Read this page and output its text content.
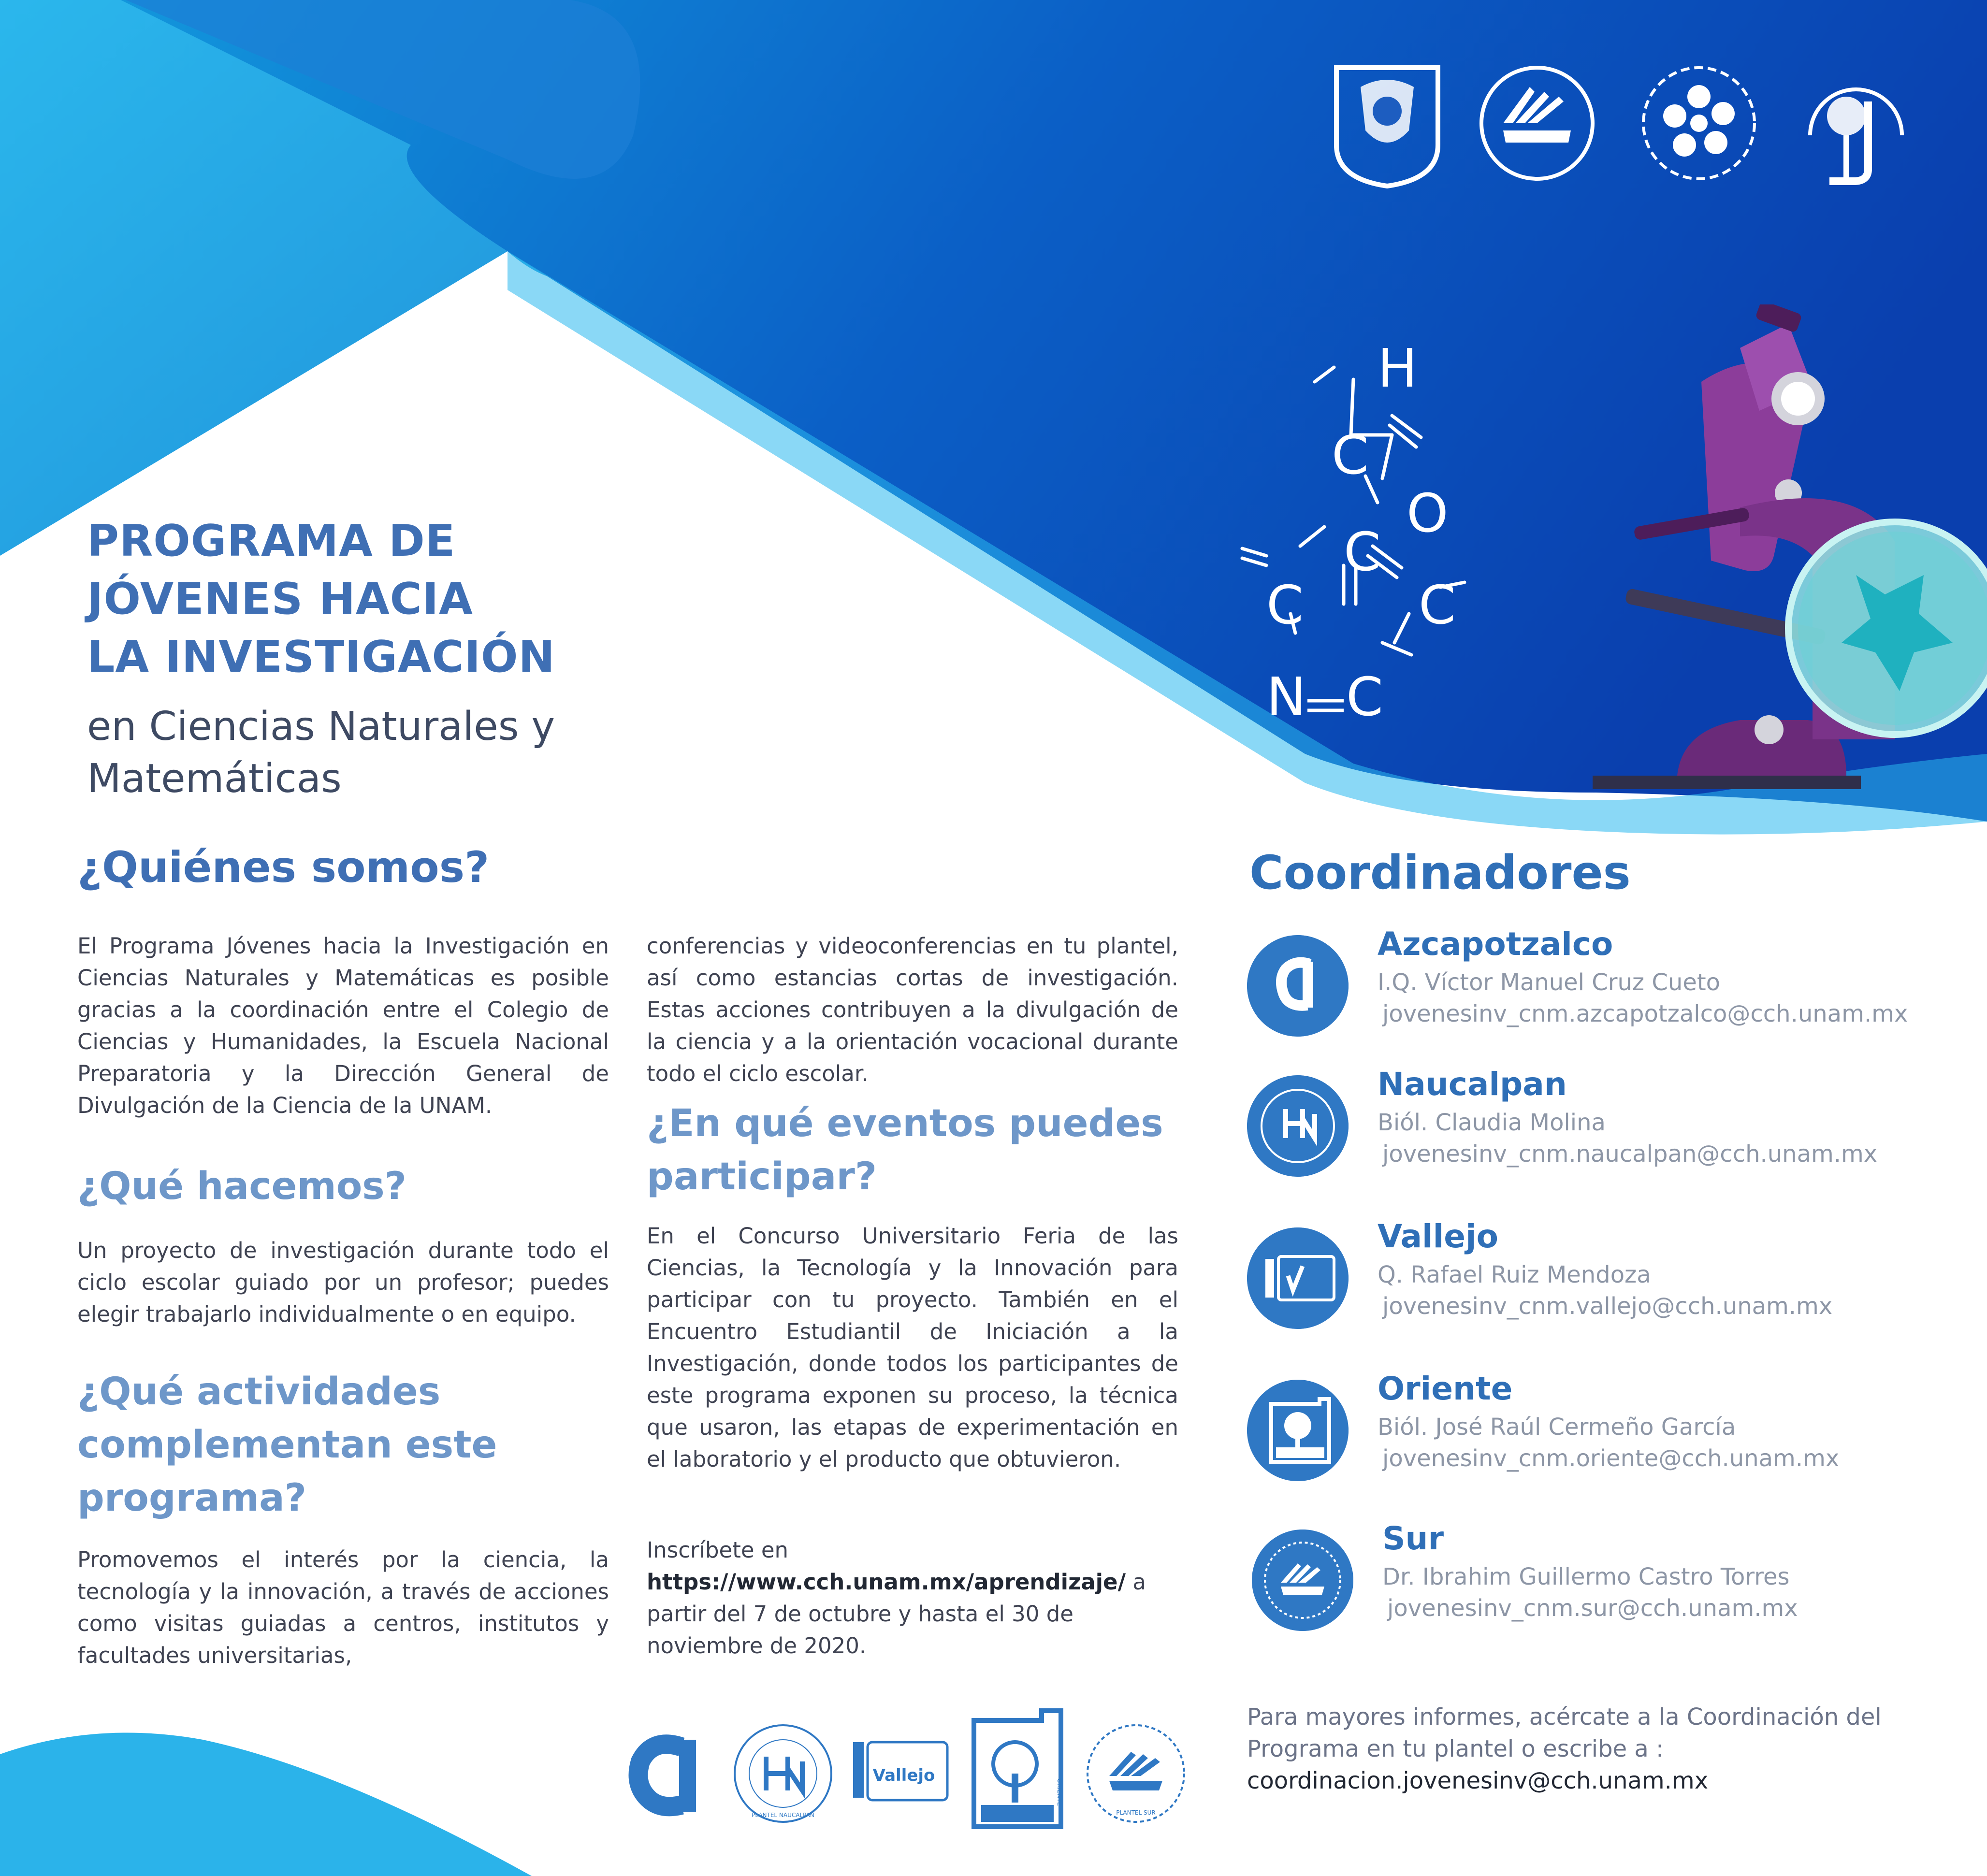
H
C
O
C
C C
N C
PROGRAMA DE
JÓVENES HACIA
LA INVESTIGACIÓN
en Ciencias Naturales y Matemáticas
¿Quiénes somos?
El Programa Jóvenes hacia la Investigación en Ciencias Naturales y Matemáticas es posible gracias a la coordinación entre el Colegio de Ciencias y Humanidades, la Escuela Nacional Preparatoria y la Dirección General de Divulgación de la Ciencia de la UNAM.
¿Qué hacemos?
Un proyecto de investigación durante todo el ciclo escolar guiado por un profesor; puedes elegir trabajarlo individualmente o en equipo.
¿Qué actividades complementan este programa?
Promovemos el interés por la ciencia, la tecnología y la innovación, a través de acciones como visitas guiadas a centros, institutos y facultades universitarias,
conferencias y videoconferencias en tu plantel, así como estancias cortas de investigación. Estas acciones contribuyen a la divulgación de la ciencia y a la orientación vocacional durante todo el ciclo escolar.
¿En qué eventos puedes participar?
En el Concurso Universitario Feria de las Ciencias, la Tecnología y la Innovación para participar con tu proyecto. También en el Encuentro Estudiantil de Iniciación a la Investigación, donde todos los participantes de este programa exponen su proceso, la técnica que usaron, las etapas de experimentación en el laboratorio y el producto que obtuvieron.
Inscríbete en
https://www.cch.unam.mx/aprendizaje/ a partir del 7 de octubre y hasta el 30 de noviembre de 2020.
Coordinadores
Azcapotzalco
I.Q. Víctor Manuel Cruz Cueto
jovenesinv_cnm.azcapotzalco@cch.unam.mx
Naucalpan
Biól. Claudia Molina
jovenesinv_cnm.naucalpan@cch.unam.mx
Vallejo
Q. Rafael Ruiz Mendoza
jovenesinv_cnm.vallejo@cch.unam.mx
Oriente
Biól. José Raúl Cermeño García
jovenesinv_cnm.oriente@cch.unam.mx
Sur
Dr. Ibrahim Guillermo Castro Torres
jovenesinv_cnm.sur@cch.unam.mx
Para mayores informes, acércate a la Coordinación del Programa en tu plantel o escribe a :
coordinacion.jovenesinv@cch.unam.mx
PLANTEL NAUCALPAN
Vallejo
ORIENTE
PLANTEL SUR
